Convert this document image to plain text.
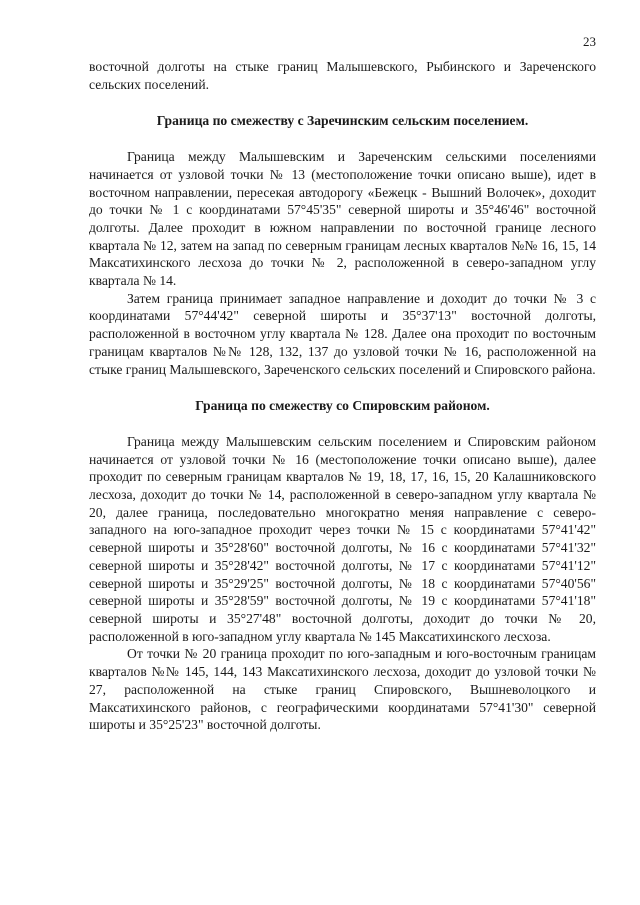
23

восточной долготы на стыке границ Малышевского, Рыбинского и Зареченского сельских поселений.

Граница по смежеству с Заречинским сельским поселением.

Граница между Малышевским и Зареченским сельскими поселениями начинается от узловой точки № 13 (местоположение точки описано выше), идет в восточном направлении, пересекая автодорогу «Бежецк - Вышний Волочек», доходит до точки № 1 с координатами 57°45'35" северной широты и 35°46'46" восточной долготы. Далее проходит в южном направлении по восточной границе лесного квартала № 12, затем на запад по северным границам лесных кварталов №№ 16, 15, 14 Максатихинского лесхоза до точки № 2, расположенной в северо-западном углу квартала № 14.

Затем граница принимает западное направление и доходит до точки № 3 с координатами 57°44'42" северной широты и 35°37'13" восточной долготы, расположенной в восточном углу квартала № 128. Далее она проходит по восточным границам кварталов №№ 128, 132, 137 до узловой точки № 16, расположенной на стыке границ Малышевского, Зареченского сельских поселений и Спировского района.

Граница по смежеству со Спировским районом.

Граница между Малышевским сельским поселением и Спировским районом начинается от узловой точки № 16 (местоположение точки описано выше), далее проходит по северным границам кварталов № 19, 18, 17, 16, 15, 20 Калашниковского лесхоза, доходит до точки № 14, расположенной в северо-западном углу квартала № 20, далее граница, последовательно многократно меняя направление с северо-западного на юго-западное проходит через точки № 15 с координатами 57°41'42" северной широты и 35°28'60" восточной долготы, № 16 с координатами 57°41'32" северной широты и 35°28'42" восточной долготы, № 17 с координатами 57°41'12" северной широты и 35°29'25" восточной долготы, № 18 с координатами 57°40'56" северной широты и 35°28'59" восточной долготы, № 19 с координатами 57°41'18" северной широты и 35°27'48" восточной долготы, доходит до точки № 20, расположенной в юго-западном углу квартала № 145 Максатихинского лесхоза.

От точки № 20 граница проходит по юго-западным и юго-восточным границам кварталов №№ 145, 144, 143 Максатихинского лесхоза, доходит до узловой точки № 27, расположенной на стыке границ Спировского, Вышневолоцкого и Максатихинского районов, с географическими координатами 57°41'30" северной широты и 35°25'23" восточной долготы.
